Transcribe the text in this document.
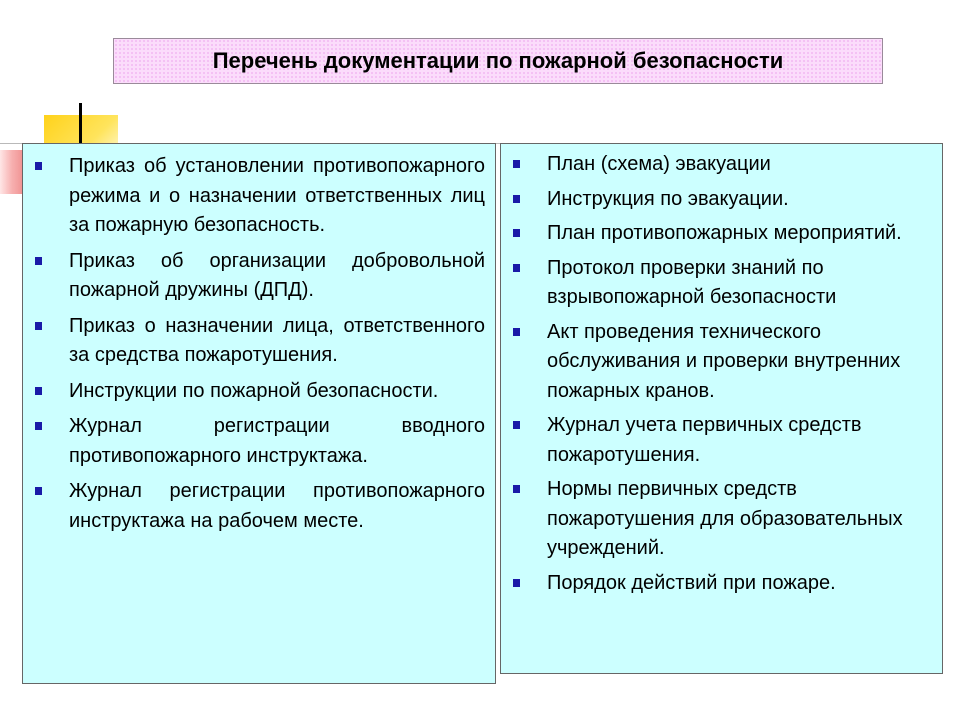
Перечень документации по пожарной безопасности
Приказ об установлении противопожарного режима и о назначении ответственных лиц за пожарную безопасность.
Приказ об организации добровольной пожарной дружины (ДПД).
Приказ о назначении лица, ответственного за средства пожаротушения.
Инструкции по пожарной безопасности.
Журнал регистрации вводного противопожарного инструктажа.
Журнал регистрации противопожарного инструктажа на рабочем месте.
План (схема) эвакуации
Инструкция по эвакуации.
План противопожарных мероприятий.
Протокол проверки знаний по взрывопожарной безопасности
Акт проведения технического обслуживания и проверки внутренних пожарных кранов.
Журнал учета первичных средств пожаротушения.
Нормы первичных средств пожаротушения для образовательных учреждений.
Порядок действий при пожаре.
